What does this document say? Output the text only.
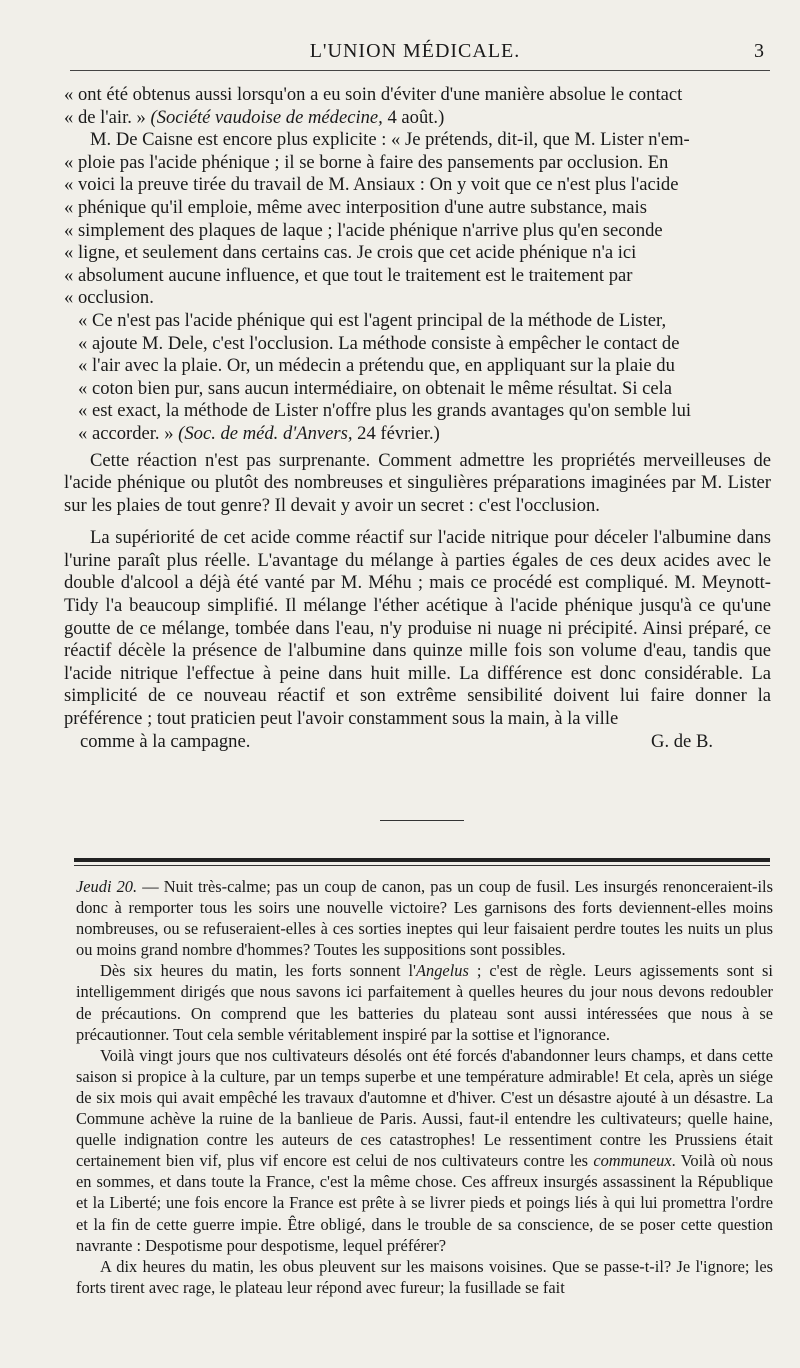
L'UNION MÉDICALE.	3

« ont été obtenus aussi lorsqu'on a eu soin d'éviter d'une manière absolue le contact
« de l'air. » (Société vaudoise de médecine, 4 août.)

M. De Caisne est encore plus explicite : « Je prétends, dit-il, que M. Lister n'em-

« ploie pas l'acide phénique ; il se borne à faire des pansements par occlusion. En
« voici la preuve tirée du travail de M. Ansiaux : On y voit que ce n'est plus l'acide
« phénique qu'il emploie, même avec interposition d'une autre substance, mais
« simplement des plaques de laque ; l'acide phénique n'arrive plus qu'en seconde
« ligne, et seulement dans certains cas. Je crois que cet acide phénique n'a ici
« absolument aucune influence, et que tout le traitement est le traitement par
« occlusion.

« Ce n'est pas l'acide phénique qui est l'agent principal de la méthode de Lister,
« ajoute M. Dele, c'est l'occlusion. La méthode consiste à empêcher le contact de
« l'air avec la plaie. Or, un médecin a prétendu que, en appliquant sur la plaie du
« coton bien pur, sans aucun intermédiaire, on obtenait le même résultat. Si cela
« est exact, la méthode de Lister n'offre plus les grands avantages qu'on semble lui
« accorder. » (Soc. de méd. d'Anvers, 24 février.)

Cette réaction n'est pas surprenante. Comment admettre les propriétés merveilleuses de l'acide phénique ou plutôt des nombreuses et singulières préparations imaginées par M. Lister sur les plaies de tout genre? Il devait y avoir un secret : c'est l'occlusion.

La supériorité de cet acide comme réactif sur l'acide nitrique pour déceler l'albumine dans l'urine paraît plus réelle. L'avantage du mélange à parties égales de ces deux acides avec le double d'alcool a déjà été vanté par M. Méhu ; mais ce procédé est compliqué. M. Meynott-Tidy l'a beaucoup simplifié. Il mélange l'éther acétique à l'acide phénique jusqu'à ce qu'une goutte de ce mélange, tombée dans l'eau, n'y produise ni nuage ni précipité. Ainsi préparé, ce réactif décèle la présence de l'albumine dans quinze mille fois son volume d'eau, tandis que l'acide nitrique l'effectue à peine dans huit mille. La différence est donc considérable. La simplicité de ce nouveau réactif et son extrême sensibilité doivent lui faire donner la préférence ; tout praticien peut l'avoir constamment sous la main, à la ville

comme à la campagne.	G. de B.

Jeudi 20. — Nuit très-calme; pas un coup de canon, pas un coup de fusil. Les insurgés renonceraient-ils donc à remporter tous les soirs une nouvelle victoire? Les garnisons des forts deviennent-elles moins nombreuses, ou se refuseraient-elles à ces sorties ineptes qui leur faisaient perdre toutes les nuits un plus ou moins grand nombre d'hommes? Toutes les suppositions sont possibles.

Dès six heures du matin, les forts sonnent l'Angelus ; c'est de règle. Leurs agissements sont si intelligemment dirigés que nous savons ici parfaitement à quelles heures du jour nous devons redoubler de précautions. On comprend que les batteries du plateau sont aussi intéressées que nous à se précautionner. Tout cela semble véritablement inspiré par la sottise et l'ignorance.

Voilà vingt jours que nos cultivateurs désolés ont été forcés d'abandonner leurs champs, et dans cette saison si propice à la culture, par un temps superbe et une température admirable! Et cela, après un siége de six mois qui avait empêché les travaux d'automne et d'hiver. C'est un désastre ajouté à un désastre. La Commune achève la ruine de la banlieue de Paris. Aussi, faut-il entendre les cultivateurs; quelle haine, quelle indignation contre les auteurs de ces catastrophes! Le ressentiment contre les Prussiens était certainement bien vif, plus vif encore est celui de nos cultivateurs contre les communeux. Voilà où nous en sommes, et dans toute la France, c'est la même chose. Ces affreux insurgés assassinent la République et la Liberté; une fois encore la France est prête à se livrer pieds et poings liés à qui lui promettra l'ordre et la fin de cette guerre impie. Être obligé, dans le trouble de sa conscience, de se poser cette question navrante : Despotisme pour despotisme, lequel préférer?

A dix heures du matin, les obus pleuvent sur les maisons voisines. Que se passe-t-il? Je l'ignore; les forts tirent avec rage, le plateau leur répond avec fureur; la fusillade se fait
